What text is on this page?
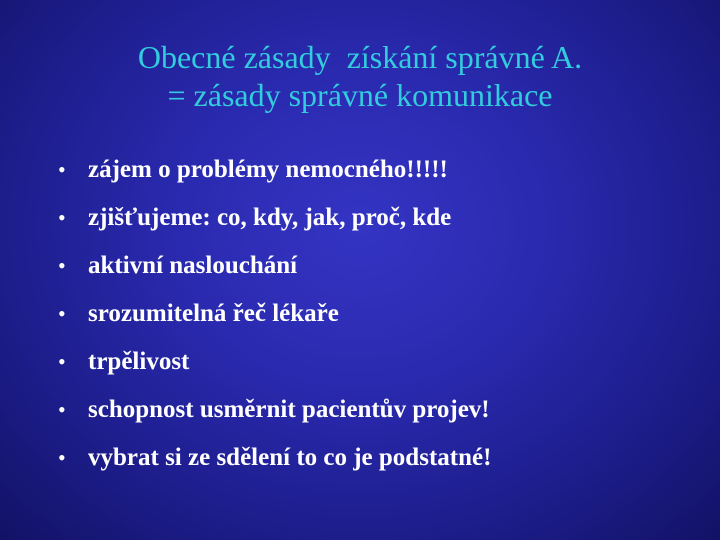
Obecné zásady  získání správné A.
= zásady správné komunikace
• zájem o problémy nemocného!!!!!
• zjišťujeme: co, kdy, jak, proč, kde
• aktivní naslouchání
• srozumitelná řeč lékaře
• trpělivost
• schopnost usměrnit pacientův projev!
• vybrat si ze sdělení to co je podstatné!
